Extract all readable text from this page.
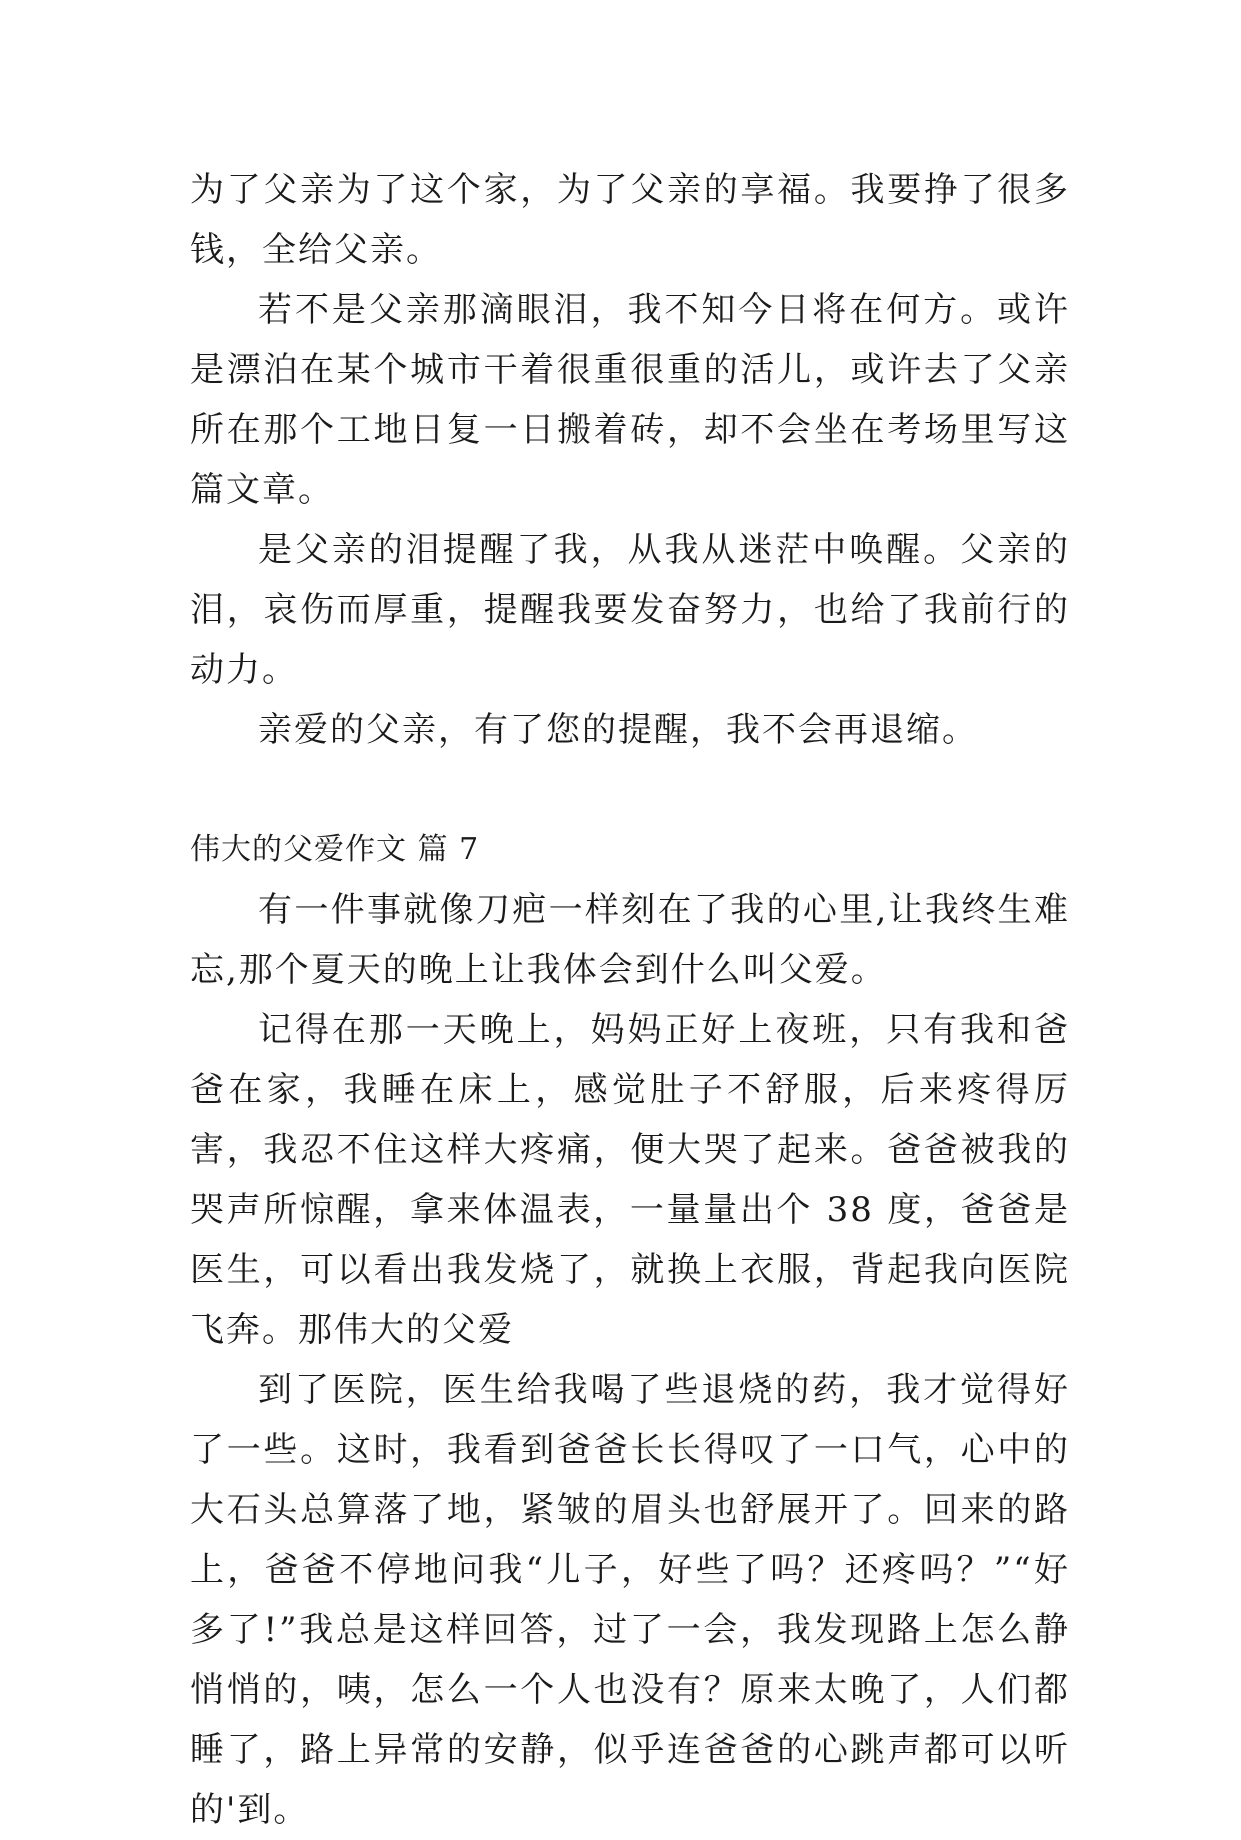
为了父亲为了这个家，为了父亲的享福。我要挣了很多钱，全给父亲。

若不是父亲那滴眼泪，我不知今日将在何方。或许是漂泊在某个城市干着很重很重的活儿，或许去了父亲所在那个工地日复一日搬着砖，却不会坐在考场里写这篇文章。

是父亲的泪提醒了我，从我从迷茫中唤醒。父亲的泪，哀伤而厚重，提醒我要发奋努力，也给了我前行的动力。

亲爱的父亲，有了您的提醒，我不会再退缩。

伟大的父爱作文 篇 7

有一件事就像刀疤一样刻在了我的心里,让我终生难忘,那个夏天的晚上让我体会到什么叫父爱。

记得在那一天晚上，妈妈正好上夜班，只有我和爸爸在家，我睡在床上，感觉肚子不舒服，后来疼得厉害，我忍不住这样大疼痛，便大哭了起来。爸爸被我的哭声所惊醒，拿来体温表，一量量出个 38 度，爸爸是医生，可以看出我发烧了，就换上衣服，背起我向医院飞奔。那伟大的父爱

到了医院，医生给我喝了些退烧的药，我才觉得好了一些。这时，我看到爸爸长长得叹了一口气，心中的大石头总算落了地，紧皱的眉头也舒展开了。回来的路上，爸爸不停地问我“儿子，好些了吗？还疼吗？”“好多了!”我总是这样回答，过了一会，我发现路上怎么静悄悄的，咦，怎么一个人也没有？原来太晚了，人们都睡了，路上异常的安静，似乎连爸爸的心跳声都可以听的'到。
